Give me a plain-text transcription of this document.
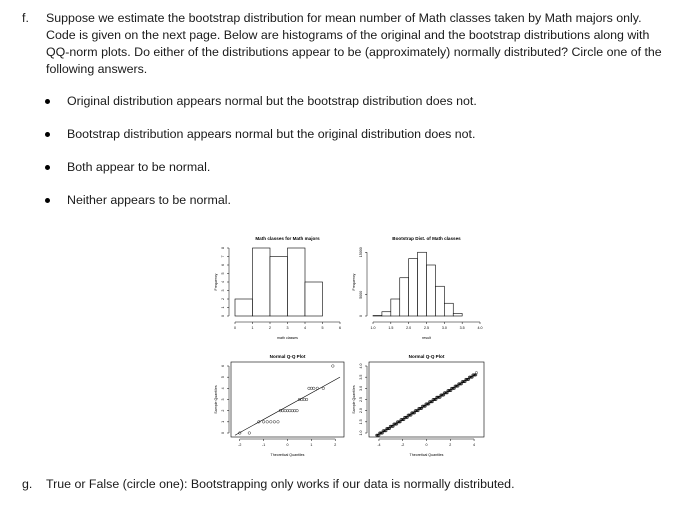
f. Suppose we estimate the bootstrap distribution for mean number of Math classes taken by Math majors only. Code is given on the next page. Below are histograms of the original and the bootstrap distributions along with QQ-norm plots. Do either of the distributions appear to be (approximately) normally distributed? Circle one of the following answers.
Original distribution appears normal but the bootstrap distribution does not.
Bootstrap distribution appears normal but the original distribution does not.
Both appear to be normal.
Neither appears to be normal.
Math classes for Math majors
math classes
Frequency
0
1
2
3
4
5
6
7
8
0	1	2	3	4	5	6
Bootstrap Dist. of Math classes
result
Frequency
0
5000
15000
1.0	1.5	2.0	2.5	3.0	3.5	4.0
Normal Q-Q Plot
Theoretical Quantiles
Sample Quantiles
0
1
2
3
4
5
6
-2	-1	0	1	2
Normal Q-Q Plot
Theoretical Quantiles
Sample Quantiles
1.0
1.5
2.0
2.5
3.0
3.5
4.0
-4	-2	0	2	4
g. True or False (circle one): Bootstrapping only works if our data is normally distributed.
